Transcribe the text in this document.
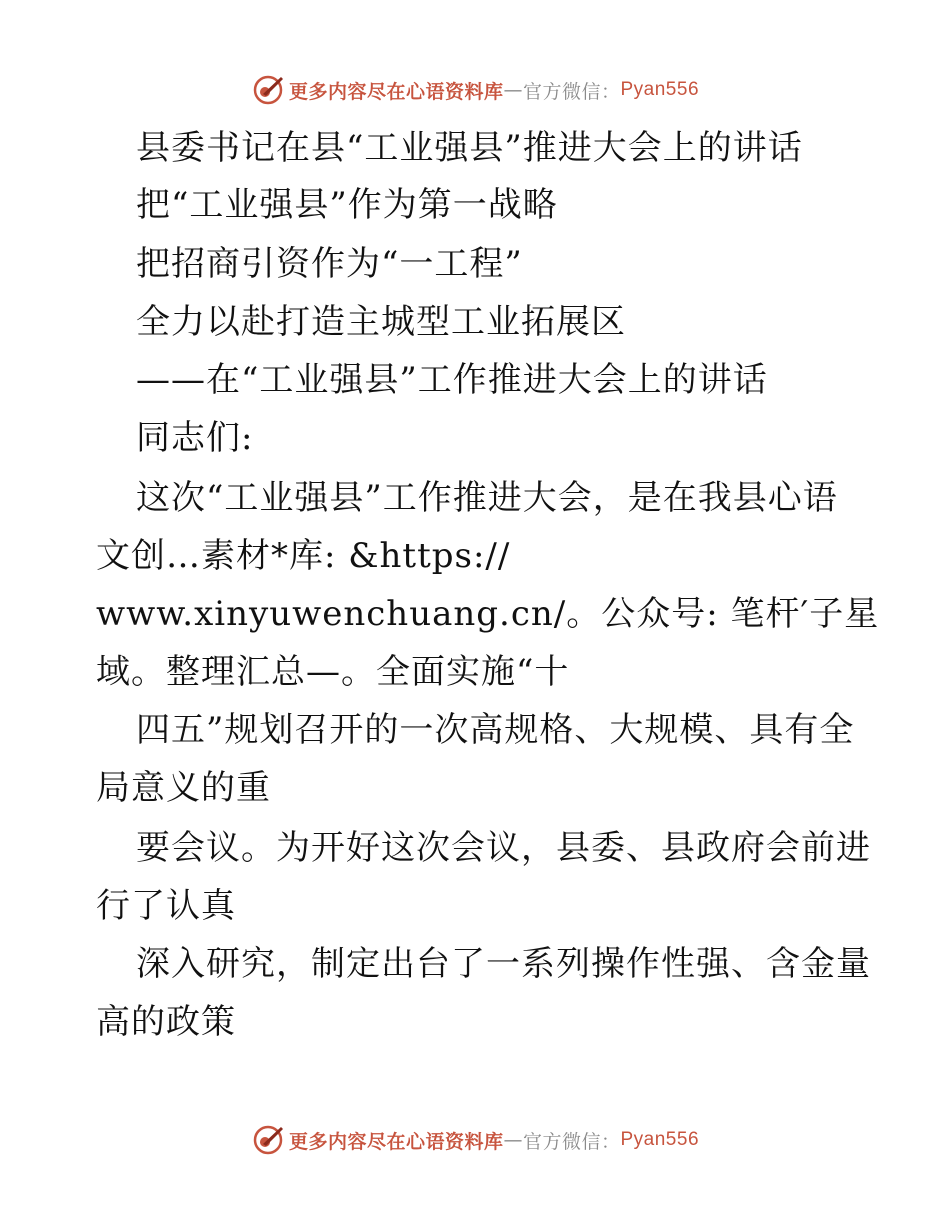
更多内容尽在心语资料库 — 官方微信： Pyan556
县委书记在县“工业强县”推进大会上的讲话
把“工业强县”作为第一战略
把招商引资作为“一工程”
全力以赴打造主城型工业拓展区
——在“工业强县”工作推进大会上的讲话
同志们:
这次“工业强县”工作推进大会，是在我县心语
文创…素材*库: &https://
www.xinyuwenchuang.cn/。公众号: 笔杆′子星
域。整理汇总—。全面实施“十
四五”规划召开的一次高规格、大规模、具有全
局意义的重
要会议。为开好这次会议，县委、县政府会前进
行了认真
深入研究，制定出台了一系列操作性强、含金量
高的政策
更多内容尽在心语资料库 — 官方微信： Pyan556
